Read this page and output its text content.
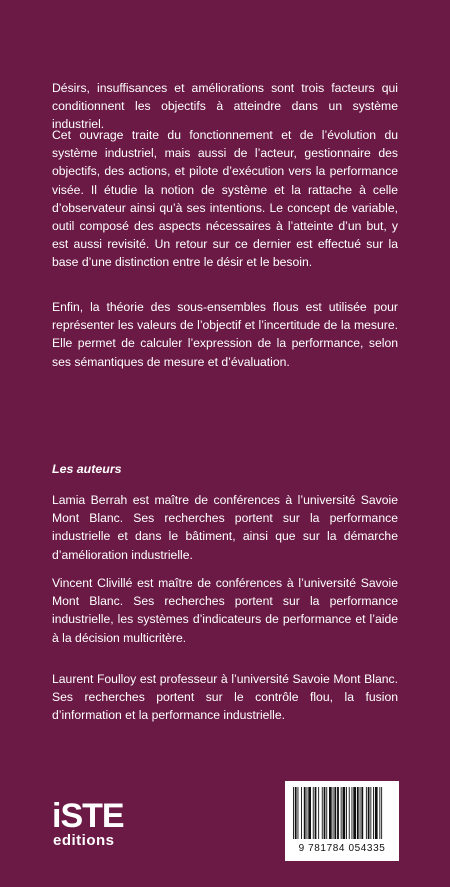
Désirs, insuffisances et améliorations sont trois facteurs qui conditionnent les objectifs à atteindre dans un système industriel.

Cet ouvrage traite du fonctionnement et de l’évolution du système industriel, mais aussi de l’acteur, gestionnaire des objectifs, des actions, et pilote d’exécution vers la performance visée. Il étudie la notion de système et la rattache à celle d’observateur ainsi qu’à ses intentions. Le concept de variable, outil composé des aspects nécessaires à l’atteinte d’un but, y est aussi revisité. Un retour sur ce dernier est effectué sur la base d’une distinction entre le désir et le besoin.

Enfin, la théorie des sous-ensembles flous est utilisée pour représenter les valeurs de l’objectif et l’incertitude de la mesure. Elle permet de calculer l’expression de la performance, selon ses sémantiques de mesure et d’évaluation.

Les auteurs

Lamia Berrah est maître de conférences à l’université Savoie Mont Blanc. Ses recherches portent sur la performance industrielle et dans le bâtiment, ainsi que sur la démarche d’amélioration industrielle.

Vincent Clivillé est maître de conférences à l’université Savoie Mont Blanc. Ses recherches portent sur la performance industrielle, les systèmes d’indicateurs de performance et l’aide à la décision multicritère.

Laurent Foulloy est professeur à l’université Savoie Mont Blanc. Ses recherches portent sur le contrôle flou, la fusion d’information et la performance industrielle.

iSTE
editions	9 781784 054335
